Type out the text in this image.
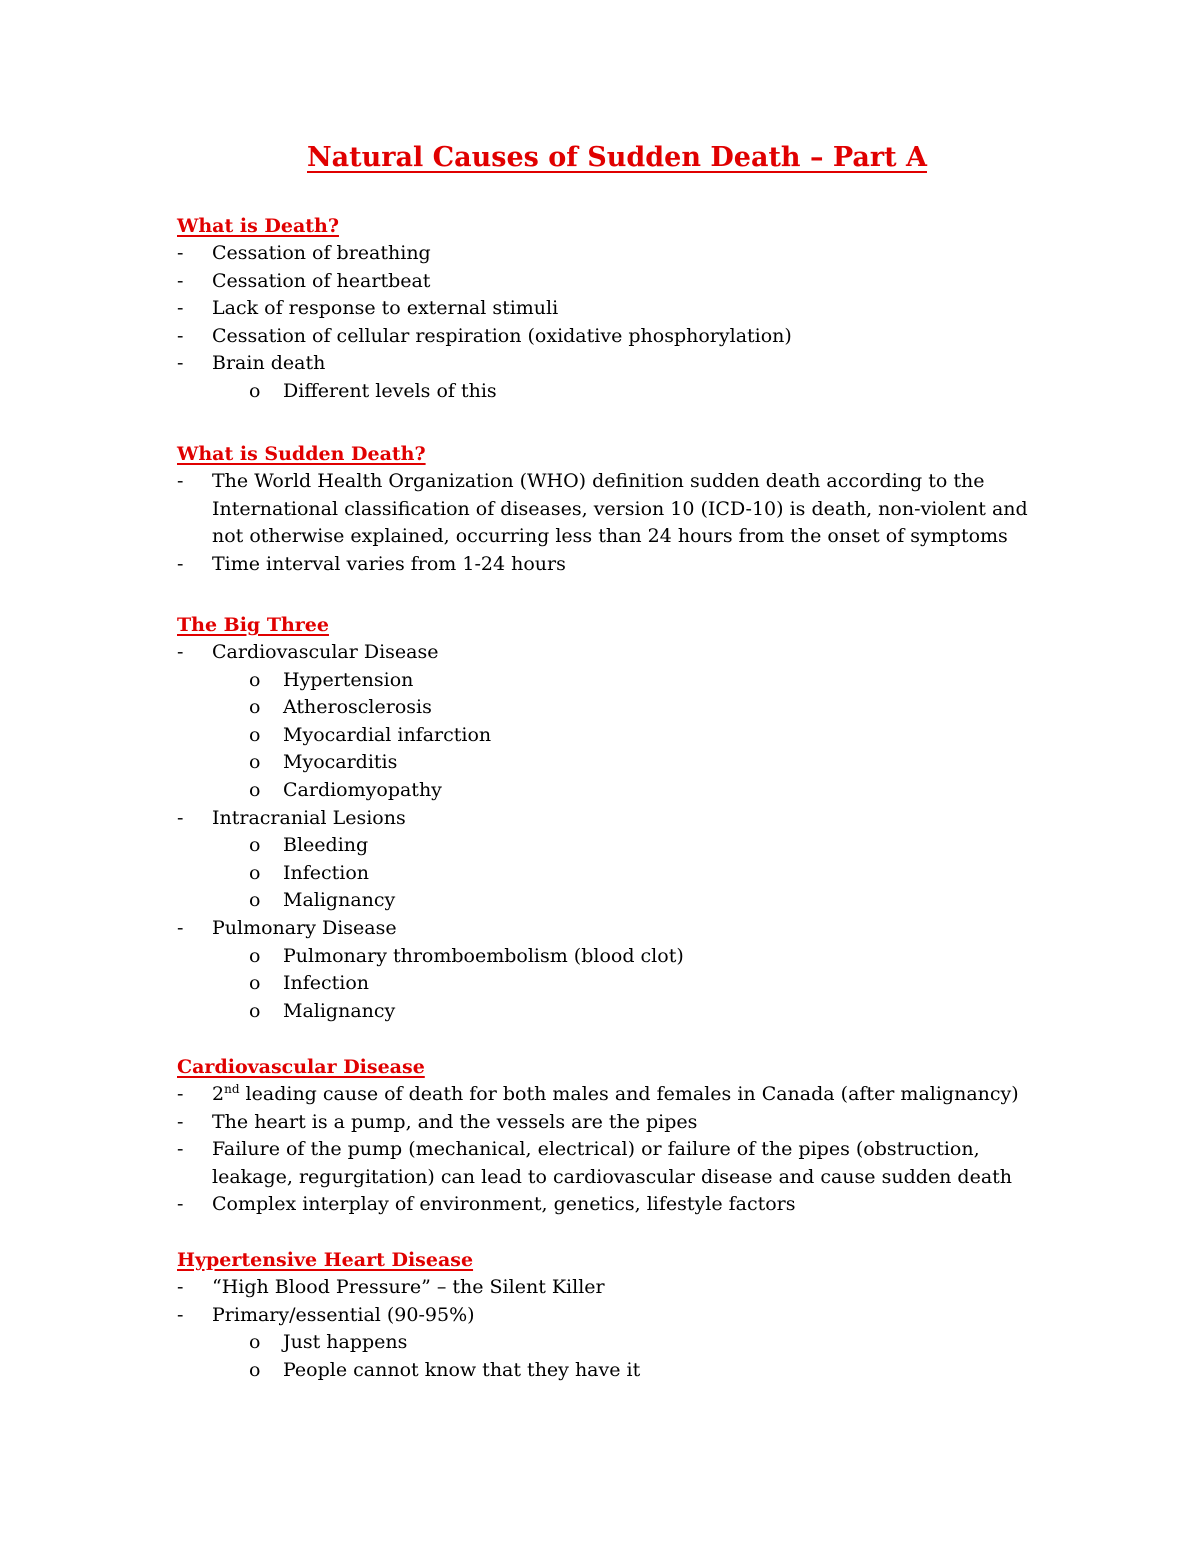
Natural Causes of Sudden Death – Part A
What is Death?
-	Cessation of breathing
-	Cessation of heartbeat
-	Lack of response to external stimuli
-	Cessation of cellular respiration (oxidative phosphorylation)
-	Brain death
o	Different levels of this
What is Sudden Death?
-	The World Health Organization (WHO) definition sudden death according to the International classification of diseases, version 10 (ICD-10) is death, non-violent and not otherwise explained, occurring less than 24 hours from the onset of symptoms
-	Time interval varies from 1-24 hours
The Big Three
-	Cardiovascular Disease
o	Hypertension
o	Atherosclerosis
o	Myocardial infarction
o	Myocarditis
o	Cardiomyopathy
-	Intracranial Lesions
o	Bleeding
o	Infection
o	Malignancy
-	Pulmonary Disease
o	Pulmonary thromboembolism (blood clot)
o	Infection
o	Malignancy
Cardiovascular Disease
-	2nd leading cause of death for both males and females in Canada (after malignancy)
-	The heart is a pump, and the vessels are the pipes
-	Failure of the pump (mechanical, electrical) or failure of the pipes (obstruction, leakage, regurgitation) can lead to cardiovascular disease and cause sudden death
-	Complex interplay of environment, genetics, lifestyle factors
Hypertensive Heart Disease
-	“High Blood Pressure” – the Silent Killer
-	Primary/essential (90-95%)
o	Just happens
o	People cannot know that they have it
